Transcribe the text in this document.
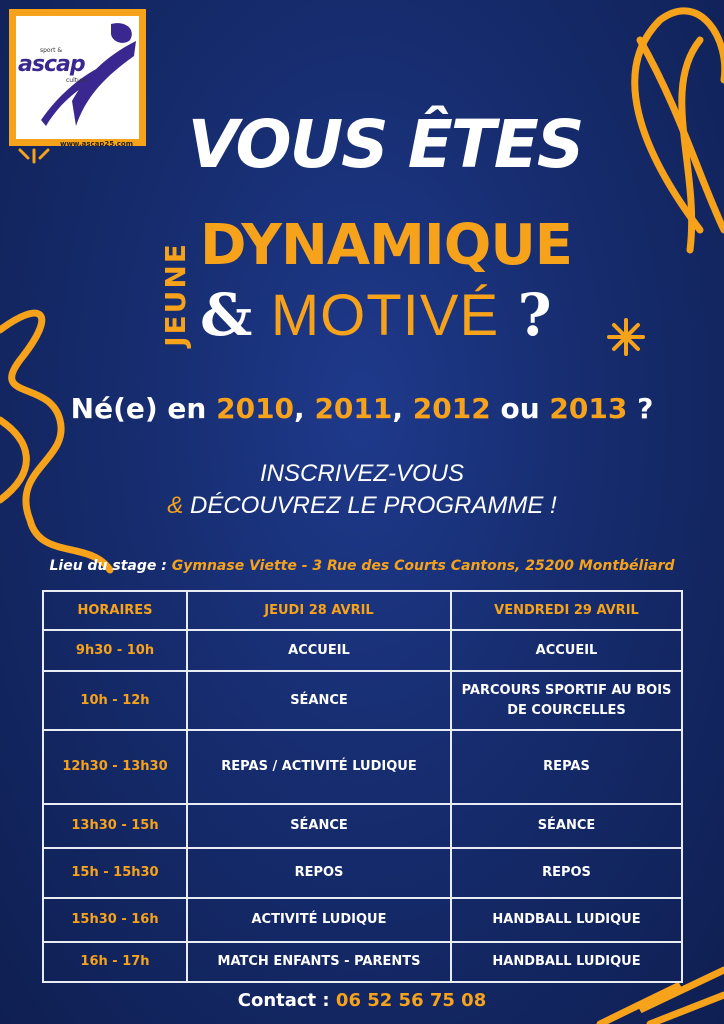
sport &
ascap
culture
www.ascap25.com VOUS ÊTES
JEUNE DYNAMIQUE
& MOTIVÉ ?
Né(e) en 2010, 2011, 2012 ou 2013 ?
INSCRIVEZ-VOUS
& DÉCOUVREZ LE PROGRAMME !
Lieu du stage : Gymnase Viette - 3 Rue des Courts Cantons, 25200 Montbéliard
HORAIRES	JEUDI 28 AVRIL	VENDREDI 29 AVRIL
9h30 - 10h	ACCUEIL	ACCUEIL
10h - 12h	SÉANCE	PARCOURS SPORTIF AU BOIS DE COURCELLES
12h30 - 13h30	REPAS / ACTIVITÉ LUDIQUE	REPAS
13h30 - 15h	SÉANCE	SÉANCE
15h - 15h30	REPOS	REPOS
15h30 - 16h	ACTIVITÉ LUDIQUE	HANDBALL LUDIQUE
16h - 17h	MATCH ENFANTS - PARENTS	HANDBALL LUDIQUE
Contact : 06 52 56 75 08
